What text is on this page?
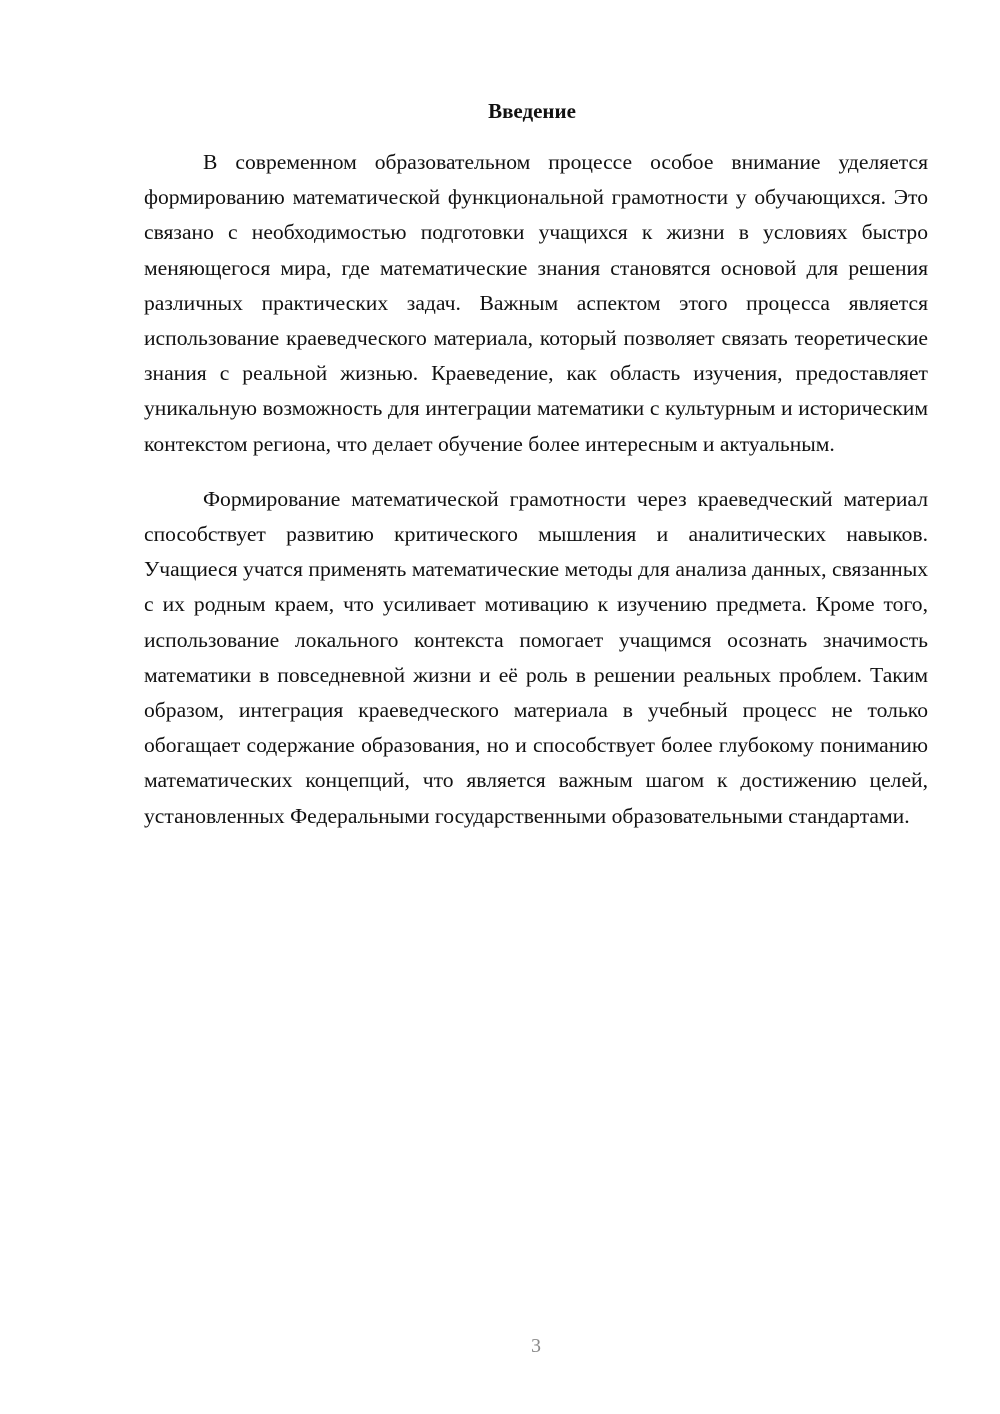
Введение

В современном образовательном процессе особое внимание уделяется формированию математической функциональной грамотности у обучающихся. Это связано с необходимостью подготовки учащихся к жизни в условиях быстро меняющегося мира, где математические знания становятся основой для решения различных практических задач. Важным аспектом этого процесса является использование краеведческого материала, который позволяет связать теоретические знания с реальной жизнью. Краеведение, как область изучения, предоставляет уникальную возможность для интеграции математики с культурным и историческим контекстом региона, что делает обучение более интересным и актуальным.

Формирование математической грамотности через краеведческий материал способствует развитию критического мышления и аналитических навыков. Учащиеся учатся применять математические методы для анализа данных, связанных с их родным краем, что усиливает мотивацию к изучению предмета. Кроме того, использование локального контекста помогает учащимся осознать значимость математики в повседневной жизни и её роль в решении реальных проблем. Таким образом, интеграция краеведческого материала в учебный процесс не только обогащает содержание образования, но и способствует более глубокому пониманию математических концепций, что является важным шагом к достижению целей, установленных Федеральными государственными образовательными стандартами.

3
